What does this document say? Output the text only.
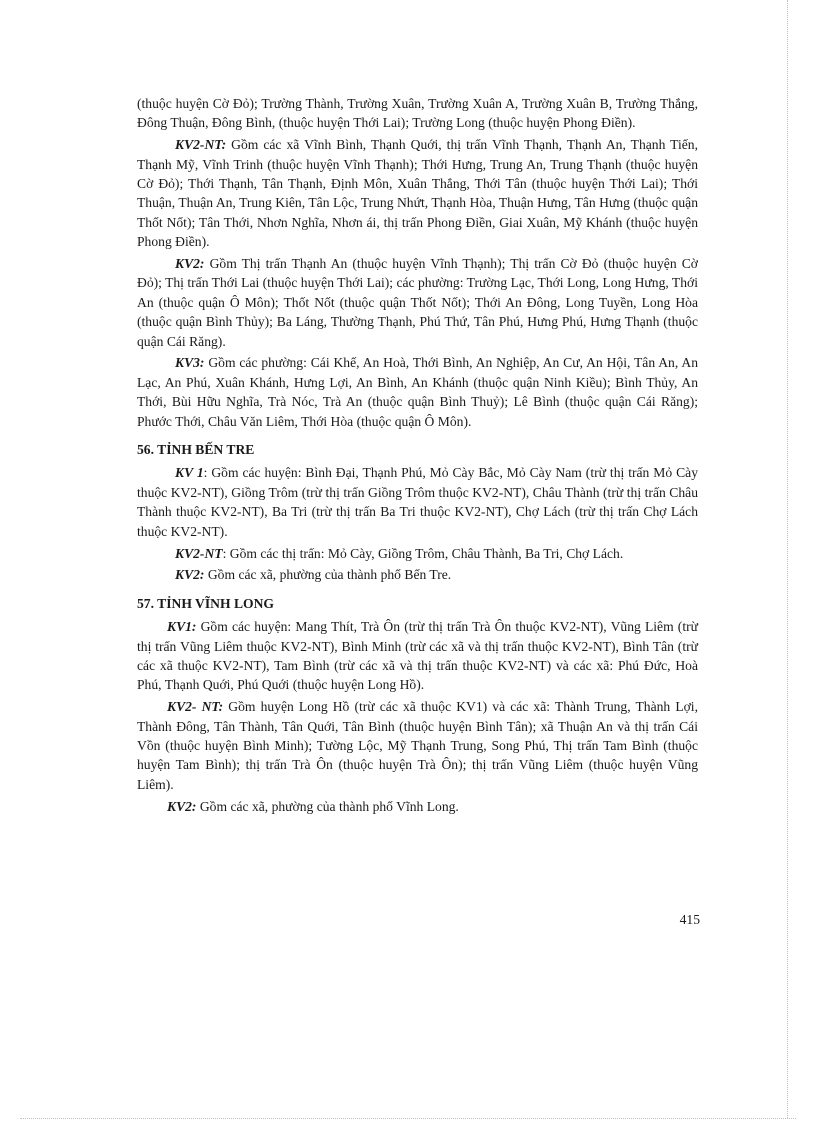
(thuộc huyện Cờ Đỏ); Trường Thành, Trường Xuân, Trường Xuân A, Trường Xuân B, Trường Thắng, Đông Thuận, Đông Bình, (thuộc huyện Thới Lai); Trường Long (thuộc huyện Phong Điền).

KV2-NT: Gồm các xã Vĩnh Bình, Thạnh Quới, thị trấn Vĩnh Thạnh, Thạnh An, Thạnh Tiến, Thạnh Mỹ, Vĩnh Trinh (thuộc huyện Vĩnh Thạnh); Thới Hưng, Trung An, Trung Thạnh (thuộc huyện Cờ Đỏ); Thới Thạnh, Tân Thạnh, Định Môn, Xuân Thắng, Thới Tân (thuộc huyện Thới Lai); Thới Thuận, Thuận An, Trung Kiên, Tân Lộc, Trung Nhứt, Thạnh Hòa, Thuận Hưng, Tân Hưng (thuộc quận Thốt Nốt); Tân Thới, Nhơn Nghĩa, Nhơn ái, thị trấn Phong Điền, Giai Xuân, Mỹ Khánh (thuộc huyện Phong Điền).

KV2: Gồm Thị trấn Thạnh An (thuộc huyện Vĩnh Thạnh); Thị trấn Cờ Đỏ (thuộc huyện Cờ Đỏ); Thị trấn Thới Lai (thuộc huyện Thới Lai); các phường: Trường Lạc, Thới Long, Long Hưng, Thới An (thuộc quận Ô Môn); Thốt Nốt (thuộc quận Thốt Nốt); Thới An Đông, Long Tuyền, Long Hòa (thuộc quận Bình Thủy); Ba Láng, Thường Thạnh, Phú Thứ, Tân Phú, Hưng Phú, Hưng Thạnh (thuộc quận Cái Răng).

KV3: Gồm các phường: Cái Khế, An Hoà, Thới Bình, An Nghiệp, An Cư, An Hội, Tân An, An Lạc, An Phú, Xuân Khánh, Hưng Lợi, An Bình, An Khánh (thuộc quận Ninh Kiều); Bình Thủy, An Thới, Bùi Hữu Nghĩa, Trà Nóc, Trà An (thuộc quận Bình Thuỷ); Lê Bình (thuộc quận Cái Răng); Phước Thới, Châu Văn Liêm, Thới Hòa (thuộc quận Ô Môn).

56. TỈNH BẾN TRE

KV 1: Gồm các huyện: Bình Đại, Thạnh Phú, Mỏ Cày Bắc, Mỏ Cày Nam (trừ thị trấn Mỏ Cày thuộc KV2-NT), Giồng Trôm (trừ thị trấn Giồng Trôm thuộc KV2-NT), Châu Thành (trừ thị trấn Châu Thành thuộc KV2-NT), Ba Tri (trừ thị trấn Ba Tri thuộc KV2-NT), Chợ Lách (trừ thị trấn Chợ Lách thuộc KV2-NT).

KV2-NT: Gồm các thị trấn: Mỏ Cày, Giồng Trôm, Châu Thành, Ba Tri, Chợ Lách.

KV2: Gồm các xã, phường của thành phố Bến Tre.

57. TỈNH VĨNH LONG

KV1: Gồm các huyện: Mang Thít, Trà Ôn (trừ thị trấn Trà Ôn thuộc KV2-NT), Vũng Liêm (trừ thị trấn Vũng Liêm thuộc KV2-NT), Bình Minh (trừ các xã và thị trấn thuộc KV2-NT), Bình Tân (trừ các xã thuộc KV2-NT), Tam Bình (trừ các xã và thị trấn thuộc KV2-NT) và các xã: Phú Đức, Hoà Phú, Thạnh Quới, Phú Quới (thuộc huyện Long Hồ).

KV2- NT: Gồm huyện Long Hồ (trừ các xã thuộc KV1) và các xã: Thành Trung, Thành Lợi, Thành Đông, Tân Thành, Tân Quới, Tân Bình (thuộc huyện Bình Tân); xã Thuận An và thị trấn Cái Vồn (thuộc huyện Bình Minh); Tường Lộc, Mỹ Thạnh Trung, Song Phú, Thị trấn Tam Bình (thuộc huyện Tam Bình); thị trấn Trà Ôn (thuộc huyện Trà Ôn); thị trấn Vũng Liêm (thuộc huyện Vũng Liêm).

KV2: Gồm các xã, phường của thành phố Vĩnh Long.

415
